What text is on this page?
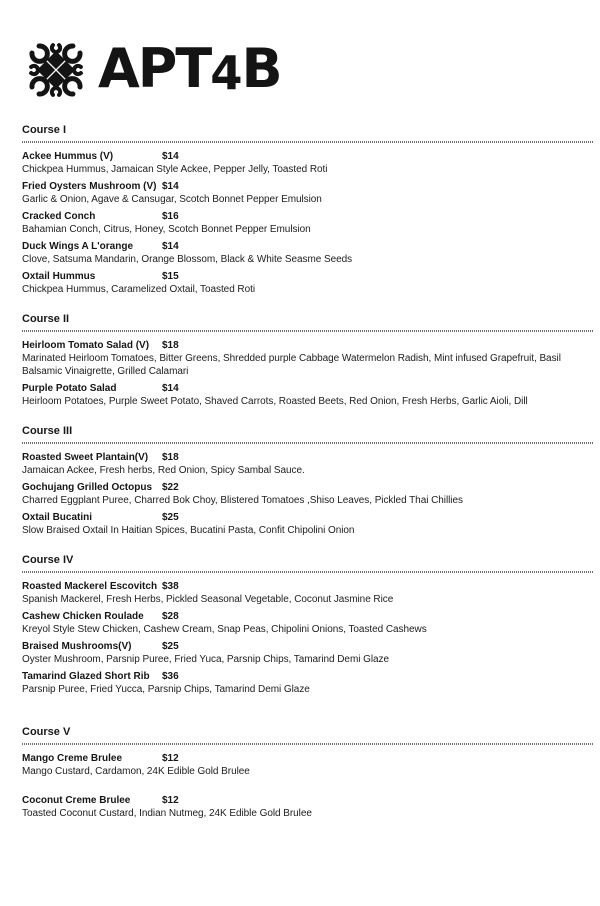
APT4B
Course I
Ackee Hummus (V)	$14
Chickpea Hummus, Jamaican Style Ackee, Pepper Jelly, Toasted Roti
Fried Oysters Mushroom (V) $14
Garlic & Onion, Agave & Cansugar, Scotch Bonnet Pepper Emulsion
Cracked Conch	$16
Bahamian Conch, Citrus, Honey, Scotch Bonnet Pepper Emulsion
Duck Wings A L'orange	$14
Clove, Satsuma Mandarin, Orange Blossom, Black & White Seasme Seeds
Oxtail Hummus	$15
Chickpea Hummus, Caramelized Oxtail, Toasted Roti
Course II
Heirloom Tomato Salad (V) $18
Marinated Heirloom Tomatoes, Bitter Greens, Shredded purple Cabbage Watermelon Radish, Mint infused Grapefruit, Basil Balsamic Vinaigrette, Grilled Calamari
Purple Potato Salad	$14
Heirloom Potatoes, Purple Sweet Potato, Shaved Carrots, Roasted Beets, Red Onion, Fresh Herbs, Garlic Aioli, Dill
Course III
Roasted Sweet Plantain(V) $18
Jamaican Ackee, Fresh herbs, Red Onion, Spicy Sambal Sauce.
Gochujang Grilled Octopus $22
Charred Eggplant Puree, Charred Bok Choy, Blistered Tomatoes ,Shiso Leaves, Pickled Thai Chillies
Oxtail Bucatini	$25
Slow Braised Oxtail In Haitian Spices, Bucatini Pasta, Confit Chipolini Onion
Course IV
Roasted Mackerel Escovitch $38
Spanish Mackerel, Fresh Herbs, Pickled Seasonal Vegetable, Coconut Jasmine Rice
Cashew Chicken Roulade $28
Kreyol Style Stew Chicken, Cashew Cream, Snap Peas, Chipolini Onions, Toasted Cashews
Braised Mushrooms(V)	$25
Oyster Mushroom, Parsnip Puree, Fried Yuca, Parsnip Chips, Tamarind Demi Glaze
Tamarind Glazed Short Rib $36
Parsnip Puree, Fried Yucca, Parsnip Chips, Tamarind Demi Glaze
Course V
Mango Creme Brulee	$12
Mango Custard, Cardamon, 24K Edible Gold Brulee
Coconut Creme Brulee	$12
Toasted Coconut Custard, Indian Nutmeg, 24K Edible Gold Brulee
